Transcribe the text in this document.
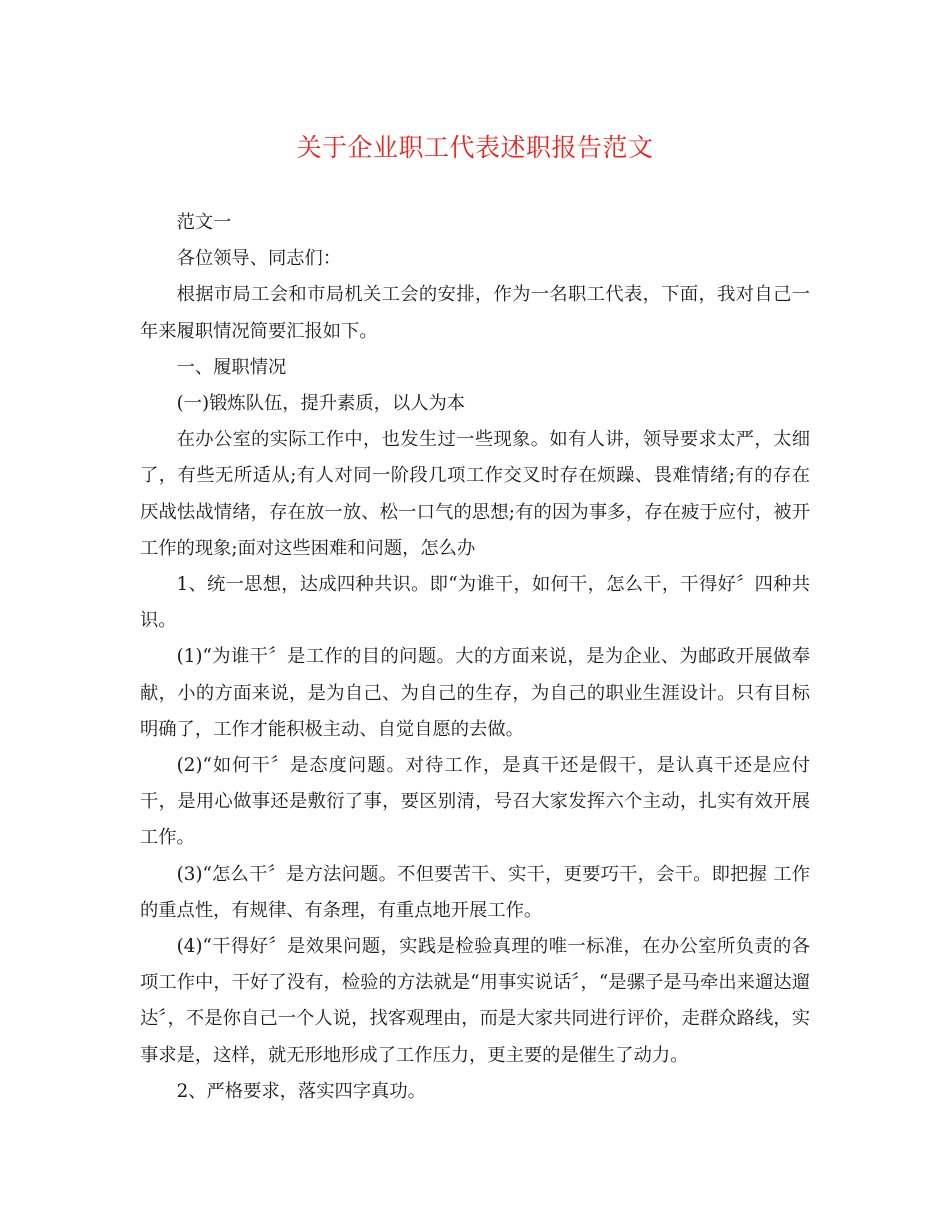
关于企业职工代表述职报告范文

范文一

各位领导、同志们：

根据市局工会和市局机关工会的安排，作为一名职工代表，下面，我对自己一年来履职情况简要汇报如下。

一、履职情况

(一)锻炼队伍，提升素质，以人为本

在办公室的实际工作中，也发生过一些现象。如有人讲，领导要求太严，太细了，有些无所适从;有人对同一阶段几项工作交叉时存在烦躁、畏难情绪;有的存在厌战怯战情绪，存在放一放、松一口气的思想;有的因为事多，存在疲于应付，被开工作的现象;面对这些困难和问题，怎么办

1、统一思想，达成四种共识。即“为谁干，如何干，怎么干，干得好〞四种共识。

(1)“为谁干〞是工作的目的问题。大的方面来说，是为企业、为邮政开展做奉献，小的方面来说，是为自己、为自己的生存，为自己的职业生涯设计。只有目标明确了，工作才能积极主动、自觉自愿的去做。

(2)“如何干〞是态度问题。对待工作，是真干还是假干，是认真干还是应付干，是用心做事还是敷衍了事，要区别清，号召大家发挥六个主动，扎实有效开展工作。

(3)“怎么干〞是方法问题。不但要苦干、实干，更要巧干，会干。即把握 工作的重点性，有规律、有条理，有重点地开展工作。

(4)“干得好〞是效果问题，实践是检验真理的唯一标准，在办公室所负责的各项工作中，干好了没有，检验的方法就是“用事实说话〞，“是骡子是马牵出来遛达遛达〞，不是你自己一个人说，找客观理由，而是大家共同进行评价，走群众路线，实事求是，这样，就无形地形成了工作压力，更主要的是催生了动力。

2、严格要求，落实四字真功。
